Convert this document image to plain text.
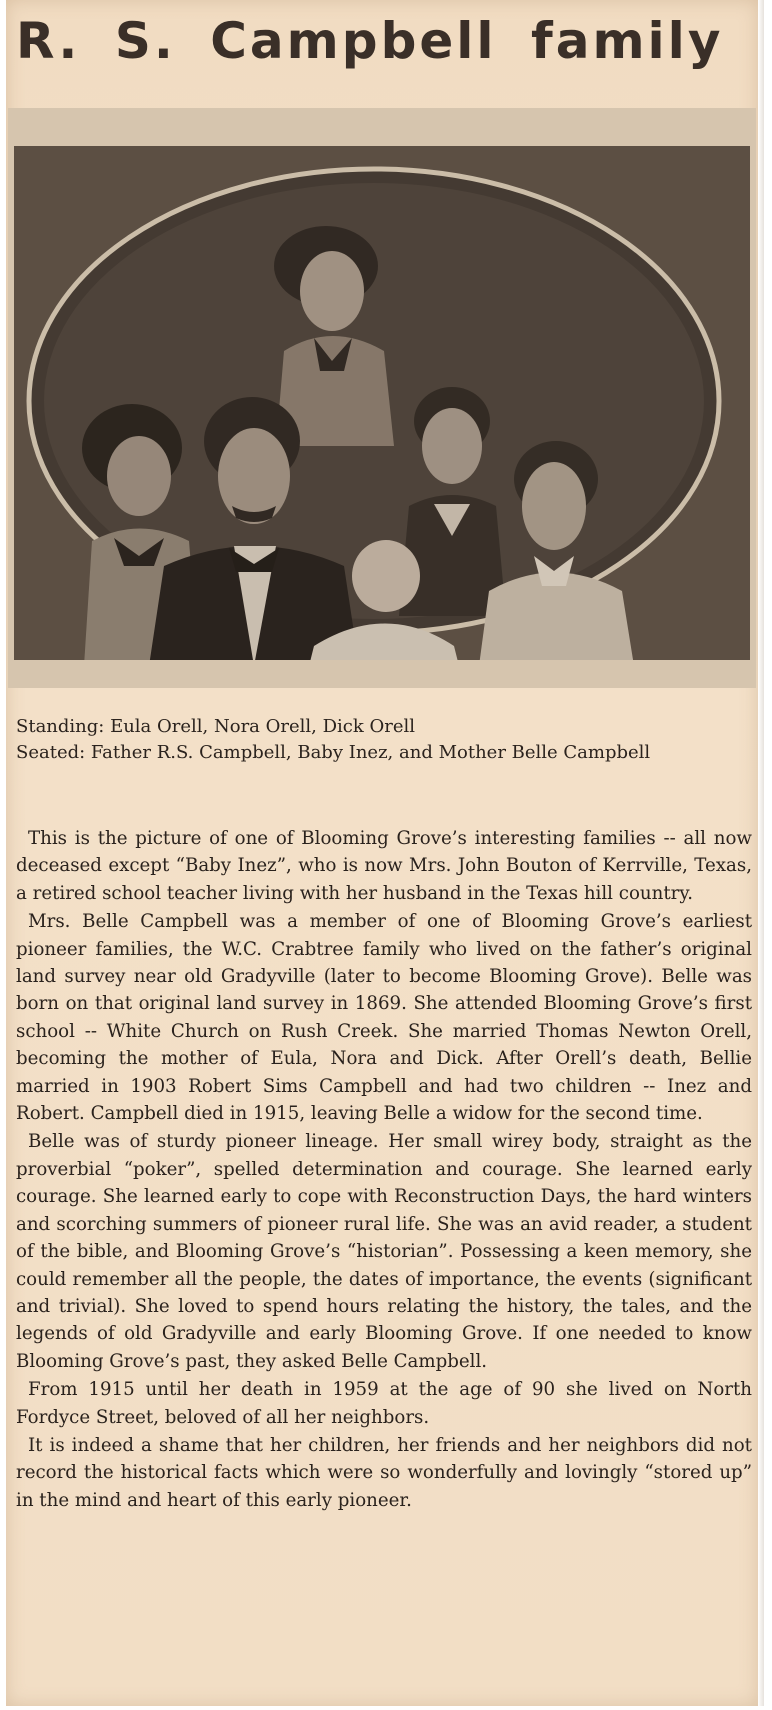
R. S. Campbell family

Standing: Eula Orell, Nora Orell, Dick Orell

Seated: Father R.S. Campbell, Baby Inez, and Mother Belle Campbell

This is the picture of one of Blooming Grove’s interesting families -- all now deceased except “Baby Inez”, who is now Mrs. John Bouton of Kerrville, Texas, a retired school teacher living with her husband in the Texas hill country.

Mrs. Belle Campbell was a member of one of Blooming Grove’s earliest pioneer families, the W.C. Crabtree family who lived on the father’s original land survey near old Gradyville (later to become Blooming Grove). Belle was born on that original land survey in 1869. She attended Blooming Grove’s first school -- White Church on Rush Creek. She married Thomas Newton Orell, becoming the mother of Eula, Nora and Dick. After Orell’s death, Bellie married in 1903 Robert Sims Campbell and had two children -- Inez and Robert. Campbell died in 1915, leaving Belle a widow for the second time.

Belle was of sturdy pioneer lineage. Her small wirey body, straight as the proverbial “poker”, spelled determination and courage. She learned early courage. She learned early to cope with Reconstruction Days, the hard winters and scorching summers of pioneer rural life. She was an avid reader, a student of the bible, and Blooming Grove’s “historian”. Possessing a keen memory, she could remember all the people, the dates of importance, the events (significant and trivial). She loved to spend hours relating the history, the tales, and the legends of old Gradyville and early Blooming Grove. If one needed to know Blooming Grove’s past, they asked Belle Campbell.

From 1915 until her death in 1959 at the age of 90 she lived on North Fordyce Street, beloved of all her neighbors.

It is indeed a shame that her children, her friends and her neighbors did not record the historical facts which were so wonderfully and lovingly “stored up” in the mind and heart of this early pioneer.
